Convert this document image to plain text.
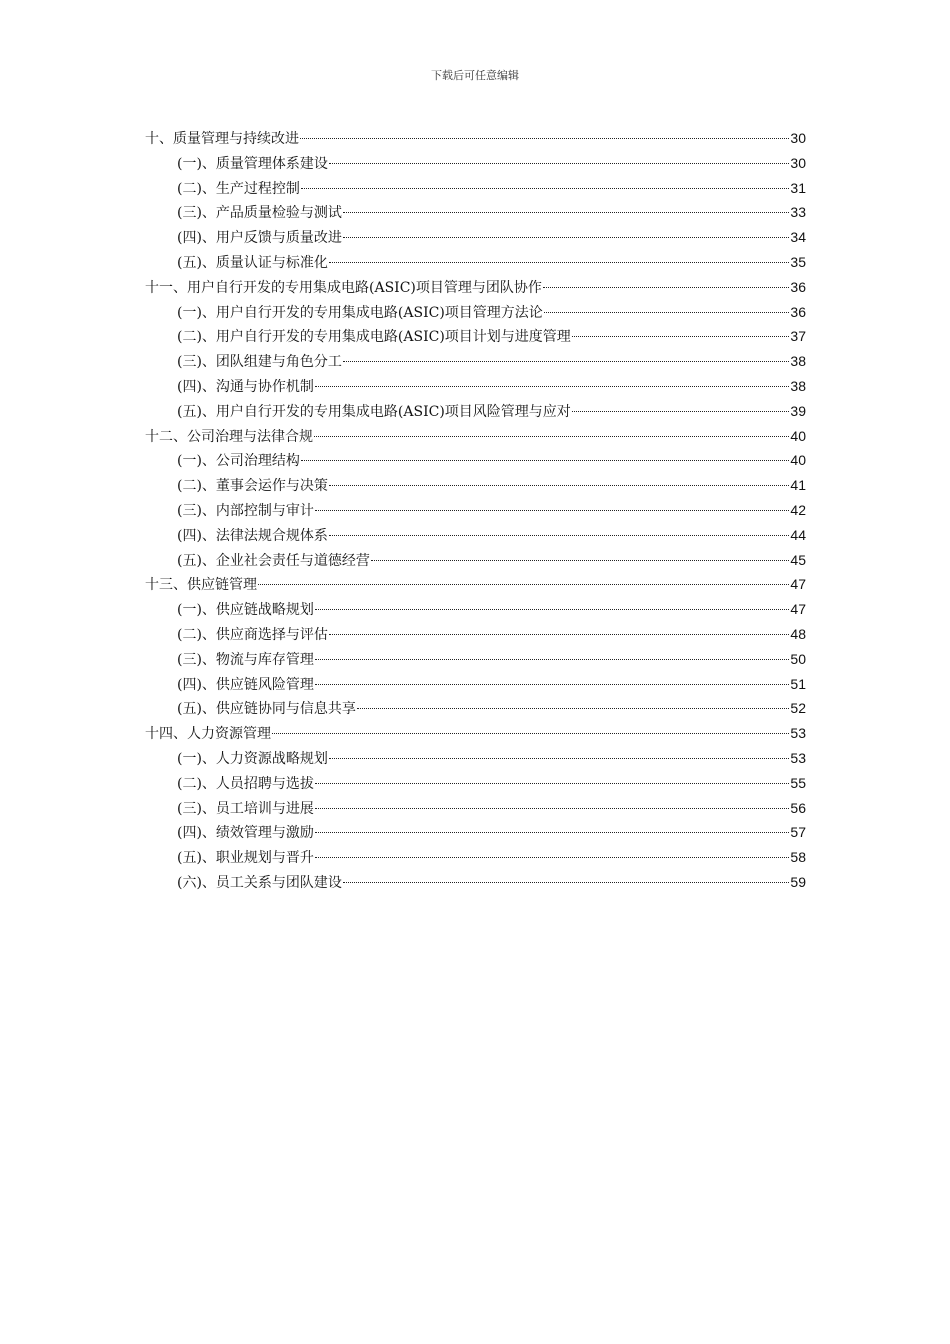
下载后可任意编辑
十、质量管理与持续改进	30
(一)、质量管理体系建设	30
(二)、生产过程控制	31
(三)、产品质量检验与测试	33
(四)、用户反馈与质量改进	34
(五)、质量认证与标准化	35
十一、用户自行开发的专用集成电路(ASIC)项目管理与团队协作	36
(一)、用户自行开发的专用集成电路(ASIC)项目管理方法论	36
(二)、用户自行开发的专用集成电路(ASIC)项目计划与进度管理	37
(三)、团队组建与角色分工	38
(四)、沟通与协作机制	38
(五)、用户自行开发的专用集成电路(ASIC)项目风险管理与应对	39
十二、公司治理与法律合规	40
(一)、公司治理结构	40
(二)、董事会运作与决策	41
(三)、内部控制与审计	42
(四)、法律法规合规体系	44
(五)、企业社会责任与道德经营	45
十三、供应链管理	47
(一)、供应链战略规划	47
(二)、供应商选择与评估	48
(三)、物流与库存管理	50
(四)、供应链风险管理	51
(五)、供应链协同与信息共享	52
十四、人力资源管理	53
(一)、人力资源战略规划	53
(二)、人员招聘与选拔	55
(三)、员工培训与进展	56
(四)、绩效管理与激励	57
(五)、职业规划与晋升	58
(六)、员工关系与团队建设	59
